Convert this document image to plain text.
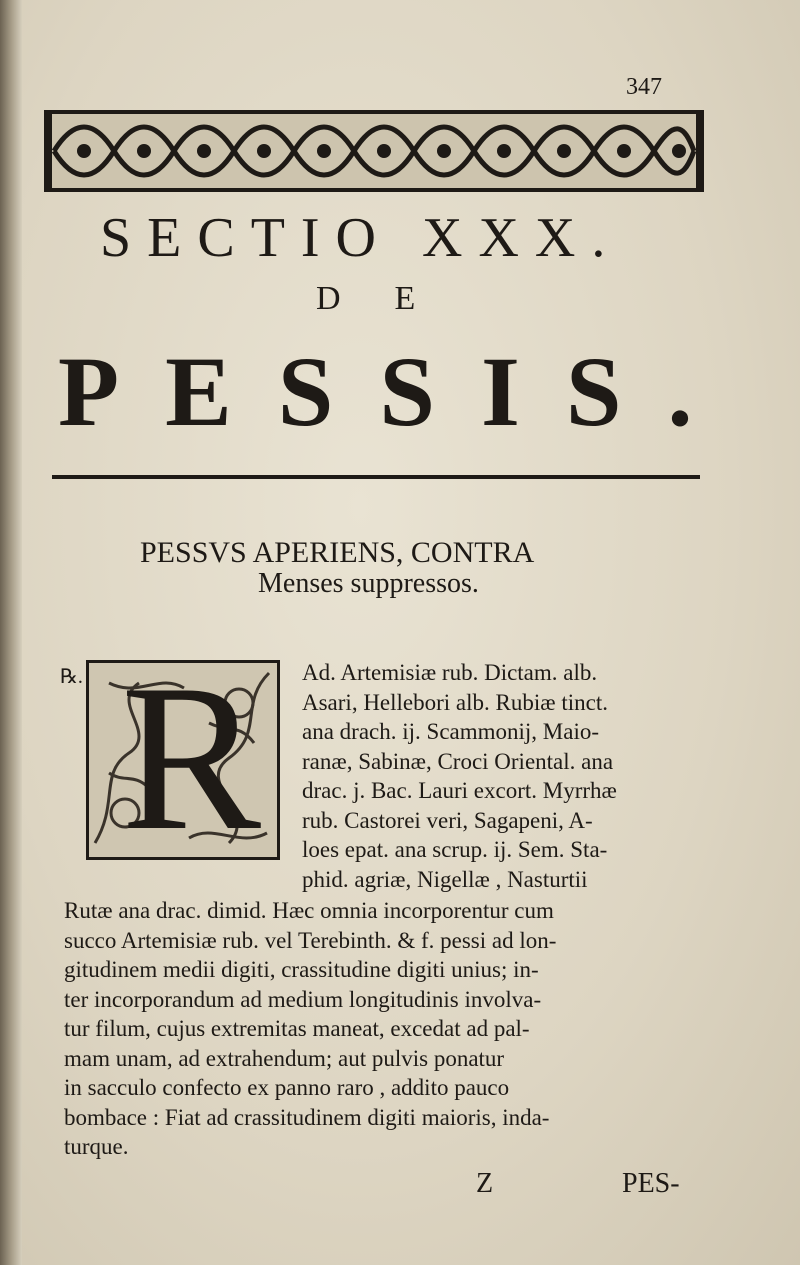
347
SECTIO XXX.
DE
PESSIS.
PESSVS APERIENS, CONTRA
Menses suppressos.
℞. R Ad. Artemisiæ rub. Dictam. alb.
Asari, Hellebori alb. Rubiæ tinct.
ana drach. ij. Scammonij, Maio-
ranæ, Sabinæ, Croci Oriental. ana
drac. j. Bac. Lauri excort. Myrrhæ
rub. Castorei veri, Sagapeni, A-
loes epat. ana scrup. ij. Sem. Sta-
phid. agriæ, Nigellæ , Nasturtii
Rutæ ana drac. dimid. Hæc omnia incorporentur cum
succo Artemisiæ rub. vel Terebinth. & f. pessi ad lon-
gitudinem medii digiti, crassitudine digiti unius; in-
ter incorporandum ad medium longitudinis involva-
tur filum, cujus extremitas maneat, excedat ad pal-
mam unam, ad extrahendum; aut pulvis ponatur
in sacculo confecto ex panno raro , addito pauco
bombace : Fiat ad crassitudinem digiti maioris, inda-
turque.
Z	PES-
